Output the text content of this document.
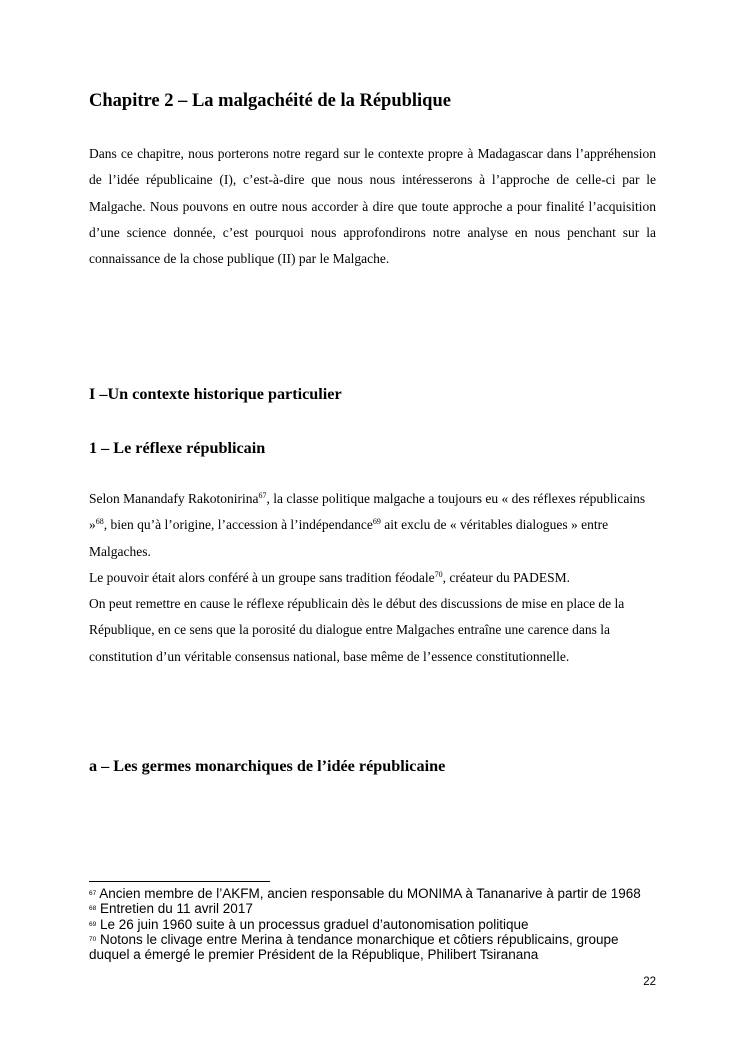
Chapitre 2 – La malgachéité de la République

Dans ce chapitre, nous porterons notre regard sur le contexte propre à Madagascar dans l’appréhension de l’idée républicaine (I), c’est-à-dire que nous nous intéresserons à l’approche de celle-ci par le Malgache. Nous pouvons en outre nous accorder à dire que toute approche a pour finalité l’acquisition d’une science donnée, c’est pourquoi nous approfondirons notre analyse en nous penchant sur la connaissance de la chose publique (II) par le Malgache.

I –Un contexte historique particulier
1 – Le réflexe républicain

Selon Manandafy Rakotonirina$^{67}$, la classe politique malgache a toujours eu « des réflexes républicains »$^{68}$, bien qu’à l’origine, l’accession à l’indépendance$^{69}$ ait exclu de « véritables dialogues » entre Malgaches.

Le pouvoir était alors conféré à un groupe sans tradition féodale$^{70}$, créateur du PADESM.

On peut remettre en cause le réflexe républicain dès le début des discussions de mise en place de la République, en ce sens que la porosité du dialogue entre Malgaches entraîne une carence dans la constitution d’un véritable consensus national, base même de l’essence constitutionnelle.

a – Les germes monarchiques de l’idée républicaine

$^{67}$ Ancien membre de l’AKFM, ancien responsable du MONIMA à Tananarive à partir de 1968

$^{68}$ Entretien du 11 avril 2017

$^{69}$ Le 26 juin 1960 suite à un processus graduel d’autonomisation politique

$^{70}$ Notons le clivage entre Merina à tendance monarchique et côtiers républicains, groupe duquel a émergé le premier Président de la République, Philibert Tsiranana

22
